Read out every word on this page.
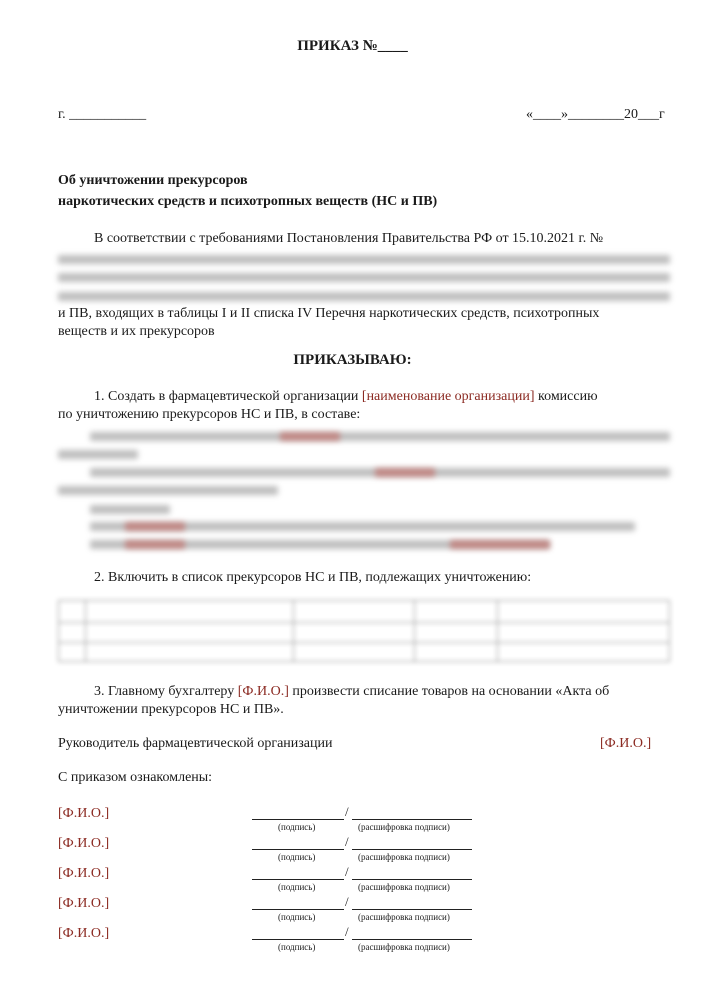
ПРИКАЗ №____
г. ___________	«____»________20___г
Об уничтожении прекурсоров
наркотических средств и психотропных веществ (НС и ПВ)
В соответствии с требованиями Постановления Правительства РФ от 15.10.2021 г. №
и ПВ, входящих в таблицы I и II списка IV Перечня наркотических средств, психотропных
веществ и их прекурсоров
ПРИКАЗЫВАЮ:
1. Создать в фармацевтической организации [наименование организации] комиссию
по уничтожению прекурсоров НС и ПВ, в составе:
2. Включить в список прекурсоров НС и ПВ, подлежащих уничтожению:

3. Главному бухгалтеру [Ф.И.О.] произвести списание товаров на основании «Акта об
уничтожении прекурсоров НС и ПВ».
Руководитель фармацевтической организации	[Ф.И.О.]
С приказом ознакомлены:
[Ф.И.О.]	/
(подпись)	(расшифровка подписи)
[Ф.И.О.]	/
(подпись)	(расшифровка подписи)
[Ф.И.О.]	/
(подпись)	(расшифровка подписи)
[Ф.И.О.]	/
(подпись)	(расшифровка подписи)
[Ф.И.О.]	/
(подпись)	(расшифровка подписи)
